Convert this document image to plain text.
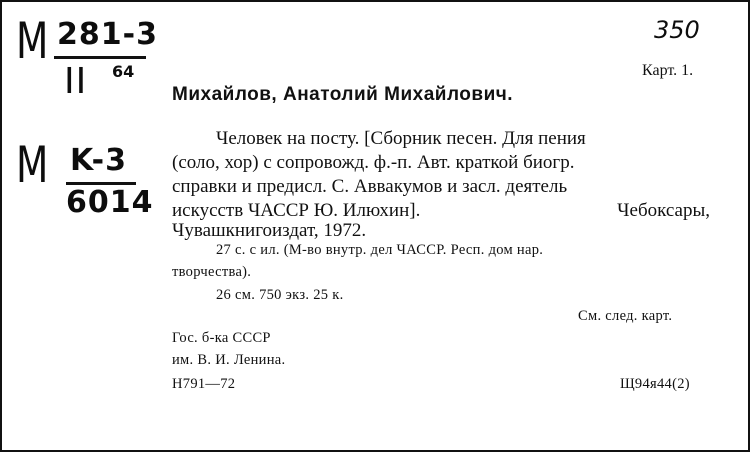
M 281-3
II 64
M K-3
6014
350
Карт. 1.
Михайлов, Анатолий Михайлович.
Человек на посту. [Сборник песен. Для пения
(соло, хор) с сопровожд. ф.-п. Авт. краткой биогр.
справки и предисл. С. Аввакумов и засл. деятель
искусств ЧАССР Ю. Илюхин].	Чебоксары,
Чувашкнигоиздат, 1972.
27 с. с ил. (М-во внутр. дел ЧАССР. Респ. дом нар.
творчества).
26 см. 750 экз. 25 к.
См. след. карт.
Гос. б-ка СССР
им. В. И. Ленина.
Н791—72	Щ94я44(2)
